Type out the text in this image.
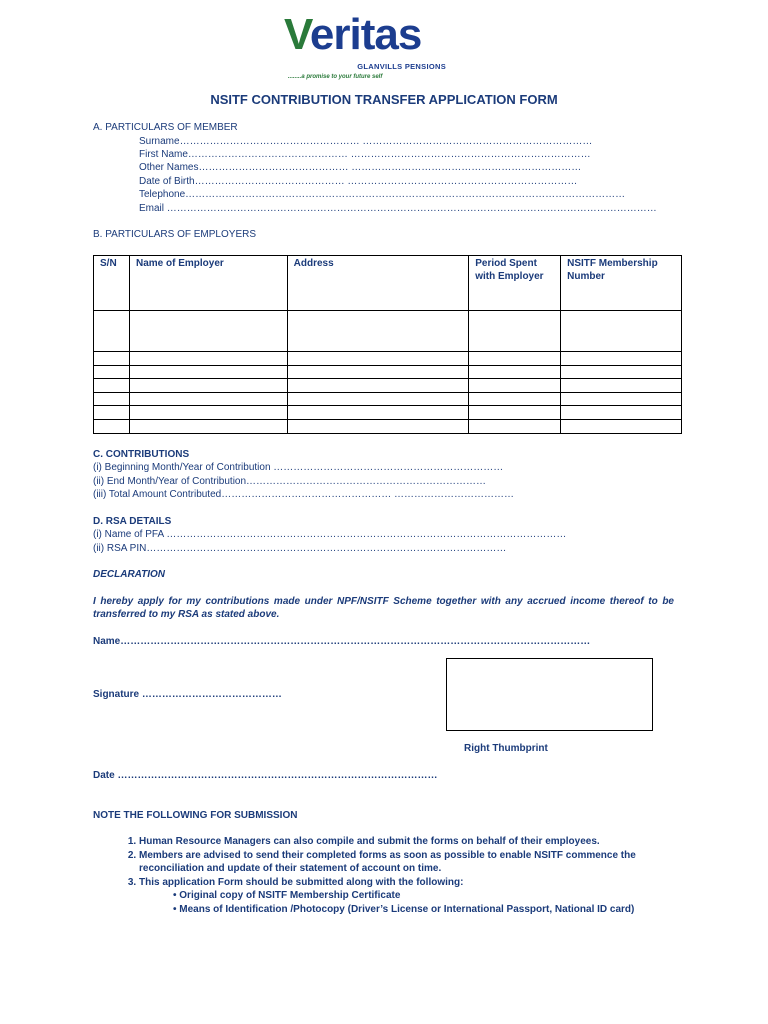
Veritas
GLANVILLS PENSIONS
........a promise to your future self
NSITF CONTRIBUTION TRANSFER APPLICATION FORM
A. PARTICULARS OF MEMBER
Surname……………………………………………… ……………………………………………………………
First Name………………………………………… ………………………………………………………………
Other Names……………………………………… ……………………………………………………………
Date of Birth……………………………………… ……………………………………………………………
Telephone……………………………………………………………………………………………………………………
Email …………………………………………………………………………………………………………………………………
B. PARTICULARS OF EMPLOYERS
S/N	Name of Employer	Address	Period Spent with Employer	NSITF Membership Number

C. CONTRIBUTIONS
(i) Beginning Month/Year of Contribution ……………………………………………………………
(ii) End Month/Year of Contribution………………………………………………………………
(iii) Total Amount Contributed…………………………………………… ………………………………
D. RSA DETAILS
(i) Name of PFA …………………………………………………………………………………………………………
(ii) RSA PIN………………………………………………………………………………………………
DECLARATION
I hereby apply for my contributions made under NPF/NSITF Scheme together with any accrued income thereof to be transferred to my RSA as stated above.
Name……………………………………………………………………………………………………………………………
Signature ……………………………………
Right Thumbprint
Date ……………………………………………………………………………………
NOTE THE FOLLOWING FOR SUBMISSION
1. Human Resource Managers can also compile and submit the forms on behalf of their employees.
2. Members are advised to send their completed forms as soon as possible to enable NSITF commence the reconciliation and update of their statement of account on time.
3. This application Form should be submitted along with the following:
• Original copy of NSITF Membership Certificate
• Means of Identification /Photocopy (Driver’s License or International Passport, National ID card)
